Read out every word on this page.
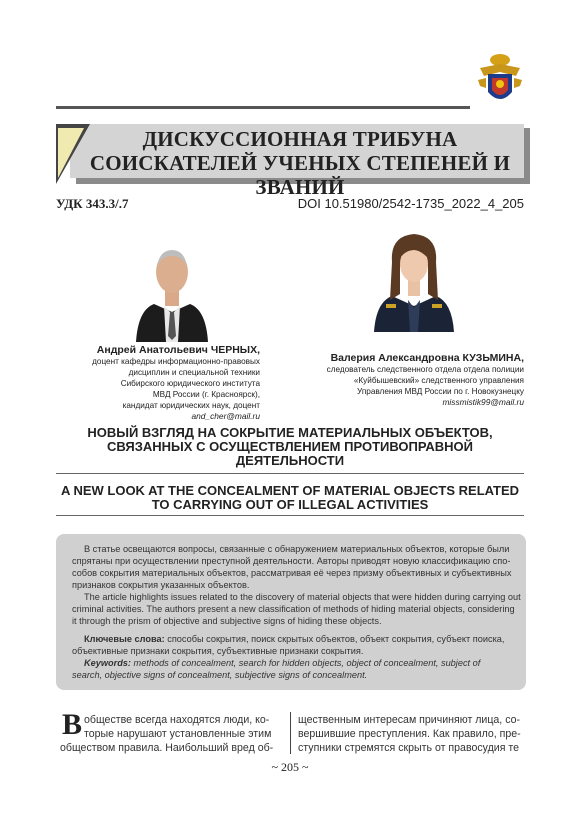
ДИСКУССИОННАЯ ТРИБУНА
СОИСКАТЕЛЕЙ УЧЕНЫХ СТЕПЕНЕЙ И ЗВАНИЙ
УДК 343.3/.7	DOI 10.51980/2542-1735_2022_4_205
Андрей Анатольевич ЧЕРНЫХ,
доцент кафедры информационно-правовых
дисциплин и специальной техники
Сибирского юридического института
МВД России (г. Красноярск),
кандидат юридических наук, доцент
and_cher@mail.ru
Валерия Александровна КУЗЬМИНА,
следователь следственного отдела отдела полиции
«Куйбышевский» следственного управления
Управления МВД России по г. Новокузнецку
missmistik99@mail.ru
НОВЫЙ ВЗГЛЯД НА СОКРЫТИЕ МАТЕРИАЛЬНЫХ ОБЪЕКТОВ,
СВЯЗАННЫХ С ОСУЩЕСТВЛЕНИЕМ ПРОТИВОПРАВНОЙ
ДЕЯТЕЛЬНОСТИ
A NEW LOOK AT THE CONCEALMENT OF MATERIAL OBJECTS RELATED
TO CARRYING OUT OF ILLEGAL ACTIVITIES
В статье освещаются вопросы, связанные с обнаружением материальных объектов, которые были
спрятаны при осуществлении преступной деятельности. Авторы приводят новую классификацию спо-
собов сокрытия материальных объектов, рассматривая её через призму объективных и субъективных
признаков сокрытия указанных объектов.
The article highlights issues related to the discovery of material objects that were hidden during carrying out
criminal activities. The authors present a new classification of methods of hiding material objects, considering
it through the prism of objective and subjective signs of hiding these objects.
Ключевые слова: способы сокрытия, поиск скрытых объектов, объект сокрытия, субъект поиска,
объективные признаки сокрытия, субъективные признаки сокрытия.
Keywords: methods of concealment, search for hidden objects, object of concealment, subject of
search, objective signs of concealment, subjective signs of concealment.
В обществе всегда находятся люди, ко-
торые нарушают установленные этим
обществом правила. Наибольший вред об-
щественным интересам причиняют лица, со-
вершившие преступления. Как правило, пре-
ступники стремятся скрыть от правосудия те
~ 205 ~
